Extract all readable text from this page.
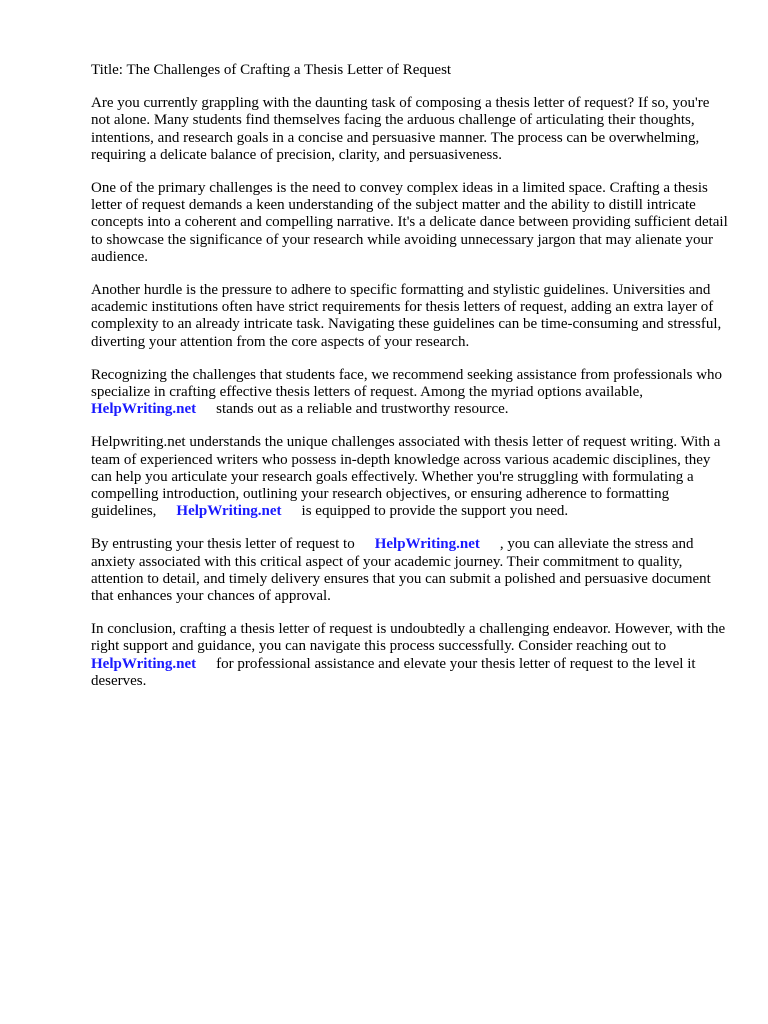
Title: The Challenges of Crafting a Thesis Letter of Request

Are you currently grappling with the daunting task of composing a thesis letter of request? If so, you're not alone. Many students find themselves facing the arduous challenge of articulating their thoughts, intentions, and research goals in a concise and persuasive manner. The process can be overwhelming, requiring a delicate balance of precision, clarity, and persuasiveness.

One of the primary challenges is the need to convey complex ideas in a limited space. Crafting a thesis letter of request demands a keen understanding of the subject matter and the ability to distill intricate concepts into a coherent and compelling narrative. It's a delicate dance between providing sufficient detail to showcase the significance of your research while avoiding unnecessary jargon that may alienate your audience.

Another hurdle is the pressure to adhere to specific formatting and stylistic guidelines. Universities and academic institutions often have strict requirements for thesis letters of request, adding an extra layer of complexity to an already intricate task. Navigating these guidelines can be time-consuming and stressful, diverting your attention from the core aspects of your research.

Recognizing the challenges that students face, we recommend seeking assistance from professionals who specialize in crafting effective thesis letters of request. Among the myriad options available,
HelpWriting.net stands out as a reliable and trustworthy resource.

Helpwriting.net understands the unique challenges associated with thesis letter of request writing. With a team of experienced writers who possess in-depth knowledge across various academic disciplines, they can help you articulate your research goals effectively. Whether you're struggling with formulating a compelling introduction, outlining your research objectives, or ensuring adherence to formatting guidelines, HelpWriting.net is equipped to provide the support you need.

By entrusting your thesis letter of request to HelpWriting.net , you can alleviate the stress and anxiety associated with this critical aspect of your academic journey. Their commitment to quality, attention to detail, and timely delivery ensures that you can submit a polished and persuasive document that enhances your chances of approval.

In conclusion, crafting a thesis letter of request is undoubtedly a challenging endeavor. However, with the right support and guidance, you can navigate this process successfully. Consider reaching out toHelpWriting.net for professional assistance and elevate your thesis letter of request to the level it deserves.
